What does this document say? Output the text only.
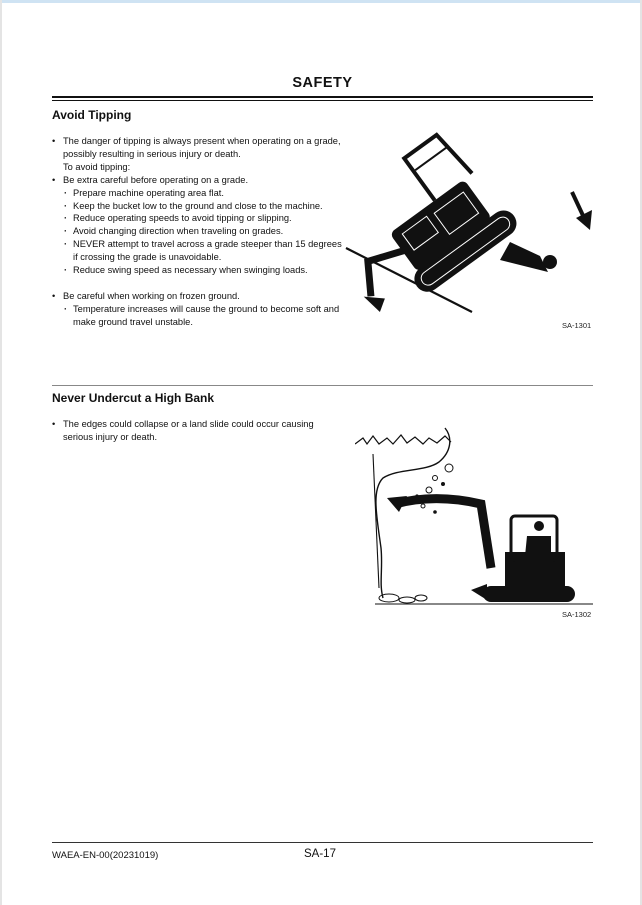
SAFETY
Avoid Tipping
• The danger of tipping is always present when operating on a grade, possibly resulting in serious injury or death.
To avoid tipping:
• Be extra careful before operating on a grade.
· Prepare machine operating area flat.
· Keep the bucket low to the ground and close to the machine.
· Reduce operating speeds to avoid tipping or slipping.
· Avoid changing direction when traveling on grades.
· NEVER attempt to travel across a grade steeper than 15 degrees if crossing the grade is unavoidable.
· Reduce swing speed as necessary when swinging loads.
• Be careful when working on frozen ground.
· Temperature increases will cause the ground to become soft and make ground travel unstable.	SA-1301
Never Undercut a High Bank
• The edges could collapse or a land slide could occur causing serious injury or death.
SA-1302
WAEA-EN-00(20231019)	SA-17
